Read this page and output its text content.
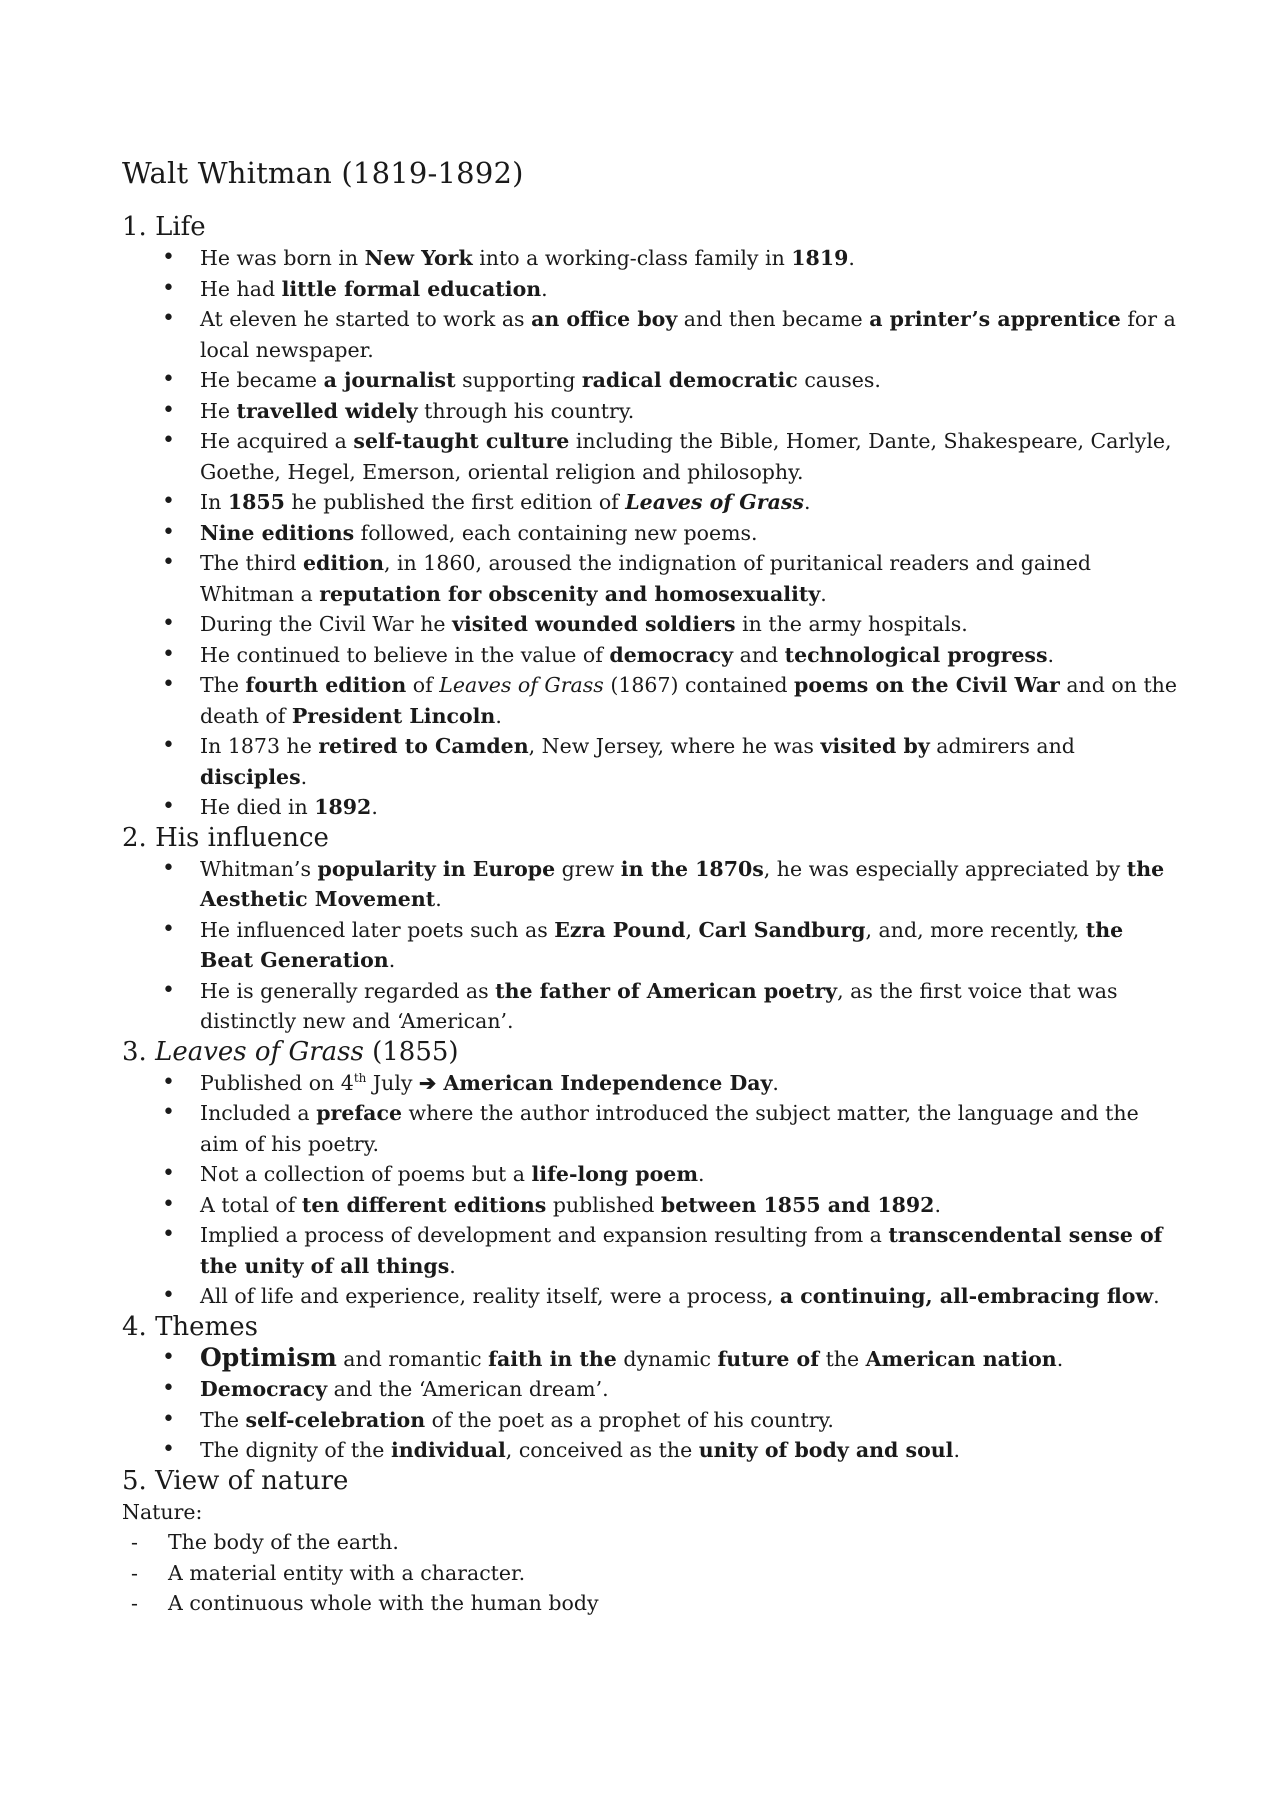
Walt Whitman (1819-1892)
1. Life
• He was born in New York into a working-class family in 1819.
• He had little formal education.
• At eleven he started to work as an office boy and then became a printer’s apprentice for a local newspaper.
• He became a journalist supporting radical democratic causes.
• He travelled widely through his country.
• He acquired a self-taught culture including the Bible, Homer, Dante, Shakespeare, Carlyle, Goethe, Hegel, Emerson, oriental religion and philosophy.
• In 1855 he published the first edition of Leaves of Grass.
• Nine editions followed, each containing new poems.
• The third edition, in 1860, aroused the indignation of puritanical readers and gained Whitman a reputation for obscenity and homosexuality.
• During the Civil War he visited wounded soldiers in the army hospitals.
• He continued to believe in the value of democracy and technological progress.
• The fourth edition of Leaves of Grass (1867) contained poems on the Civil War and on the death of President Lincoln.
• In 1873 he retired to Camden, New Jersey, where he was visited by admirers and disciples.
• He died in 1892.
2. His influence
• Whitman’s popularity in Europe grew in the 1870s, he was especially appreciated by the Aesthetic Movement.
• He influenced later poets such as Ezra Pound, Carl Sandburg, and, more recently, the Beat Generation.
• He is generally regarded as the father of American poetry, as the first voice that was distinctly new and ‘American’.
3. Leaves of Grass (1855)
• Published on 4th July ➔ American Independence Day.
• Included a preface where the author introduced the subject matter, the language and the aim of his poetry.
• Not a collection of poems but a life-long poem.
• A total of ten different editions published between 1855 and 1892.
• Implied a process of development and expansion resulting from a transcendental sense of the unity of all things.
• All of life and experience, reality itself, were a process, a continuing, all-embracing flow.
4. Themes
• Optimism and romantic faith in the dynamic future of the American nation.
• Democracy and the ‘American dream’.
• The self-celebration of the poet as a prophet of his country.
• The dignity of the individual, conceived as the unity of body and soul.
5. View of nature
Nature:
- The body of the earth.
- A material entity with a character.
- A continuous whole with the human body
